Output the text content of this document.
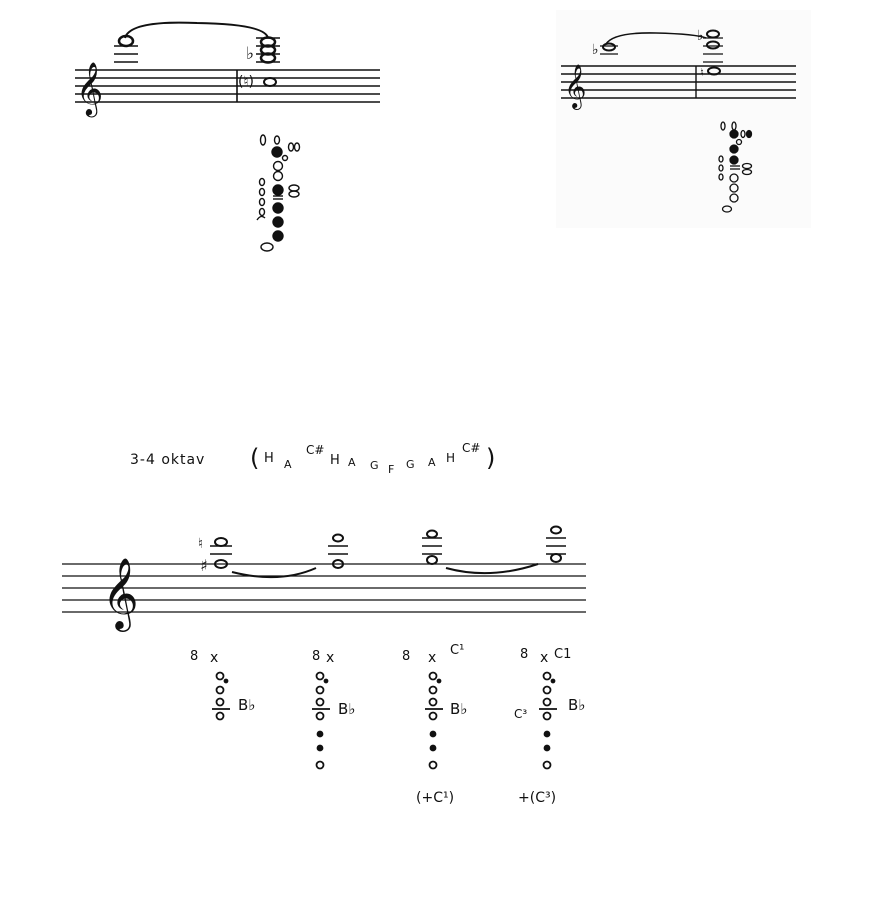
𝄞
♭
(♮)	𝄞
♭
♭
♮
3-4 oktav ( H A
C#
H A G F G A H
C# )
𝄞
♮
♯
8 x
B♭
8 x
B♭
8 x C¹
B♭
(+C¹)
8 x C1
C³	B♭
+(C³)
